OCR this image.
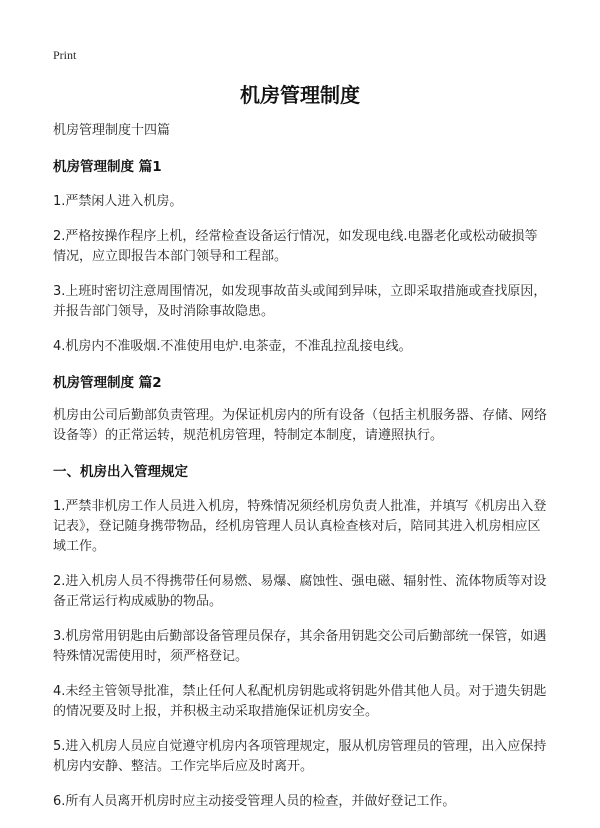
Print
机房管理制度

机房管理制度十四篇

机房管理制度 篇1

1.严禁闲人进入机房。

2.严格按操作程序上机，经常检查设备运行情况，如发现电线.电器老化或松动破损等情况，应立即报告本部门领导和工程部。

3.上班时密切注意周围情况，如发现事故苗头或闻到异味，立即采取措施或查找原因，并报告部门领导，及时消除事故隐患。

4.机房内不准吸烟.不准使用电炉.电茶壶，不准乱拉乱接电线。

机房管理制度 篇2

机房由公司后勤部负责管理。为保证机房内的所有设备（包括主机服务器、存储、网络设备等）的正常运转，规范机房管理，特制定本制度，请遵照执行。

一、机房出入管理规定

1.严禁非机房工作人员进入机房，特殊情况须经机房负责人批准，并填写《机房出入登记表》，登记随身携带物品，经机房管理人员认真检查核对后，陪同其进入机房相应区域工作。

2.进入机房人员不得携带任何易燃、易爆、腐蚀性、强电磁、辐射性、流体物质等对设备正常运行构成威胁的物品。

3.机房常用钥匙由后勤部设备管理员保存，其余备用钥匙交公司后勤部统一保管，如遇特殊情况需使用时，须严格登记。

4.未经主管领导批准，禁止任何人私配机房钥匙或将钥匙外借其他人员。对于遗失钥匙的情况要及时上报，并积极主动采取措施保证机房安全。

5.进入机房人员应自觉遵守机房内各项管理规定，服从机房管理员的管理，出入应保持机房内安静、整洁。工作完毕后应及时离开。

6.所有人员离开机房时应主动接受管理人员的检查，并做好登记工作。
